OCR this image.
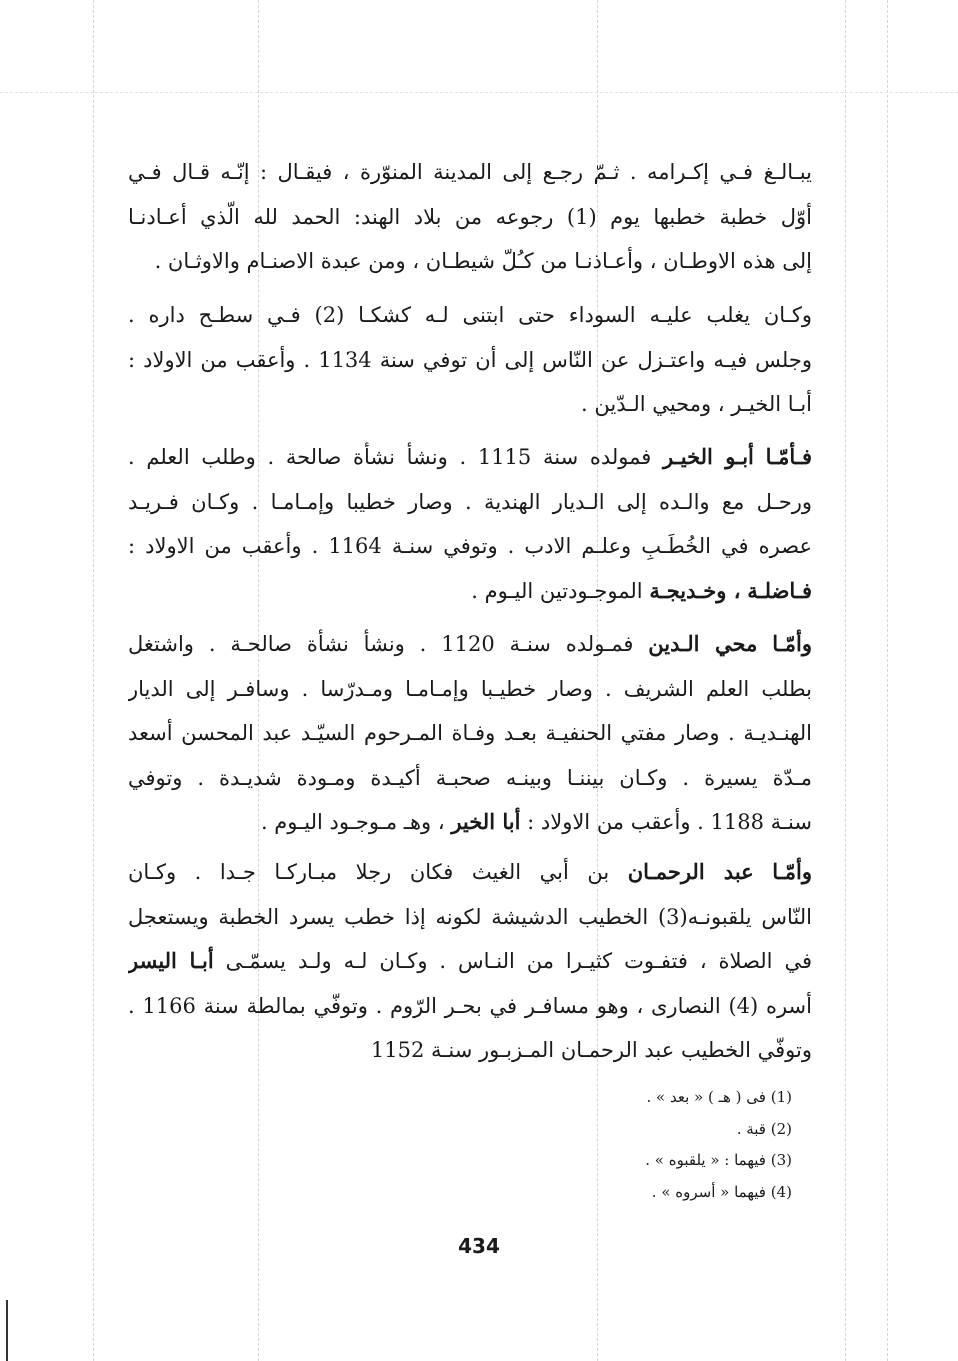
يبـالـغ فـي إكـرامه . ثـمّ رجـع إلى المدينة المنوّرة ، فيقـال : إنّـه قـال فـي
أوّل خطبة خطبها يوم (1) رجوعه من بلاد الهند: الحمد لله الّذي أعـادنـا
إلى هذه الاوطـان ، وأعـاذنـا من كـُلّ شيطـان ، ومن عبدة الاصنـام والاوثـان .
وكـان يغلب عليـه السوداء حتى ابتنى لـه كشكـا (2) فـي سطـح داره .
وجلس فيـه واعتـزل عن النّاس إلى أن توفي سنة 1134 . وأعقب من الاولاد :
أبـا الخيـر ، ومحيي الـدّين .
فـأمّـا أبـو الخيـر فمولده سنة 1115 . ونشأ نشأة صالحة . وطلب العلم .
ورحـل مع والـده إلى الـديار الهندية . وصار خطيبا وإمـامـا . وكـان فـريـد
عصره في الخُطَـبِ وعلـم الادب . وتوفي سنـة 1164 . وأعقب من الاولاد :
فـاضلـة ، وخـديجـة الموجـودتين اليـوم .
وأمّـا محي الـدين فمـولده سنـة 1120 . ونشأ نشأة صالحـة . واشتغل
بطلب العلم الشريف . وصار خطيـبا وإمـامـا ومـدرّسا . وسافـر إلى الديار
الهنـديـة . وصار مفتي الحنفيـة بعـد وفـاة المـرحوم السيّـد عبد المحسن أسعد
مـدّة يسيرة . وكـان بيننـا وبينـه صحبـة أكيـدة ومـودة شديـدة . وتوفي
سنـة 1188 . وأعقب من الاولاد : أبا الخير ، وهـ مـوجـود اليـوم .
وأمّـا عبد الرحمـان بن أبي الغيث فكان رجلا مبـاركـا جـدا . وكـان
النّاس يلقبونـه(3) الخطيب الدشيشة لكونه إذا خطب يسرد الخطبة ويستعجل
في الصلاة ، فتفـوت كثيـرا من النـاس . وكـان لـه ولـد يسمّـى أبـا اليسر
أسره (4) النصارى ، وهو مسافـر في بحـر الرّوم . وتوفّي بمالطة سنة 1166 .
وتوفّي الخطيب عبد الرحمـان المـزبـور سنـة 1152
(1) فى ( هـ ) « بعد » .
(2) قبة .
(3) فيهما : « يلقبوه » .
(4) فيهما « أسروه » .
434
